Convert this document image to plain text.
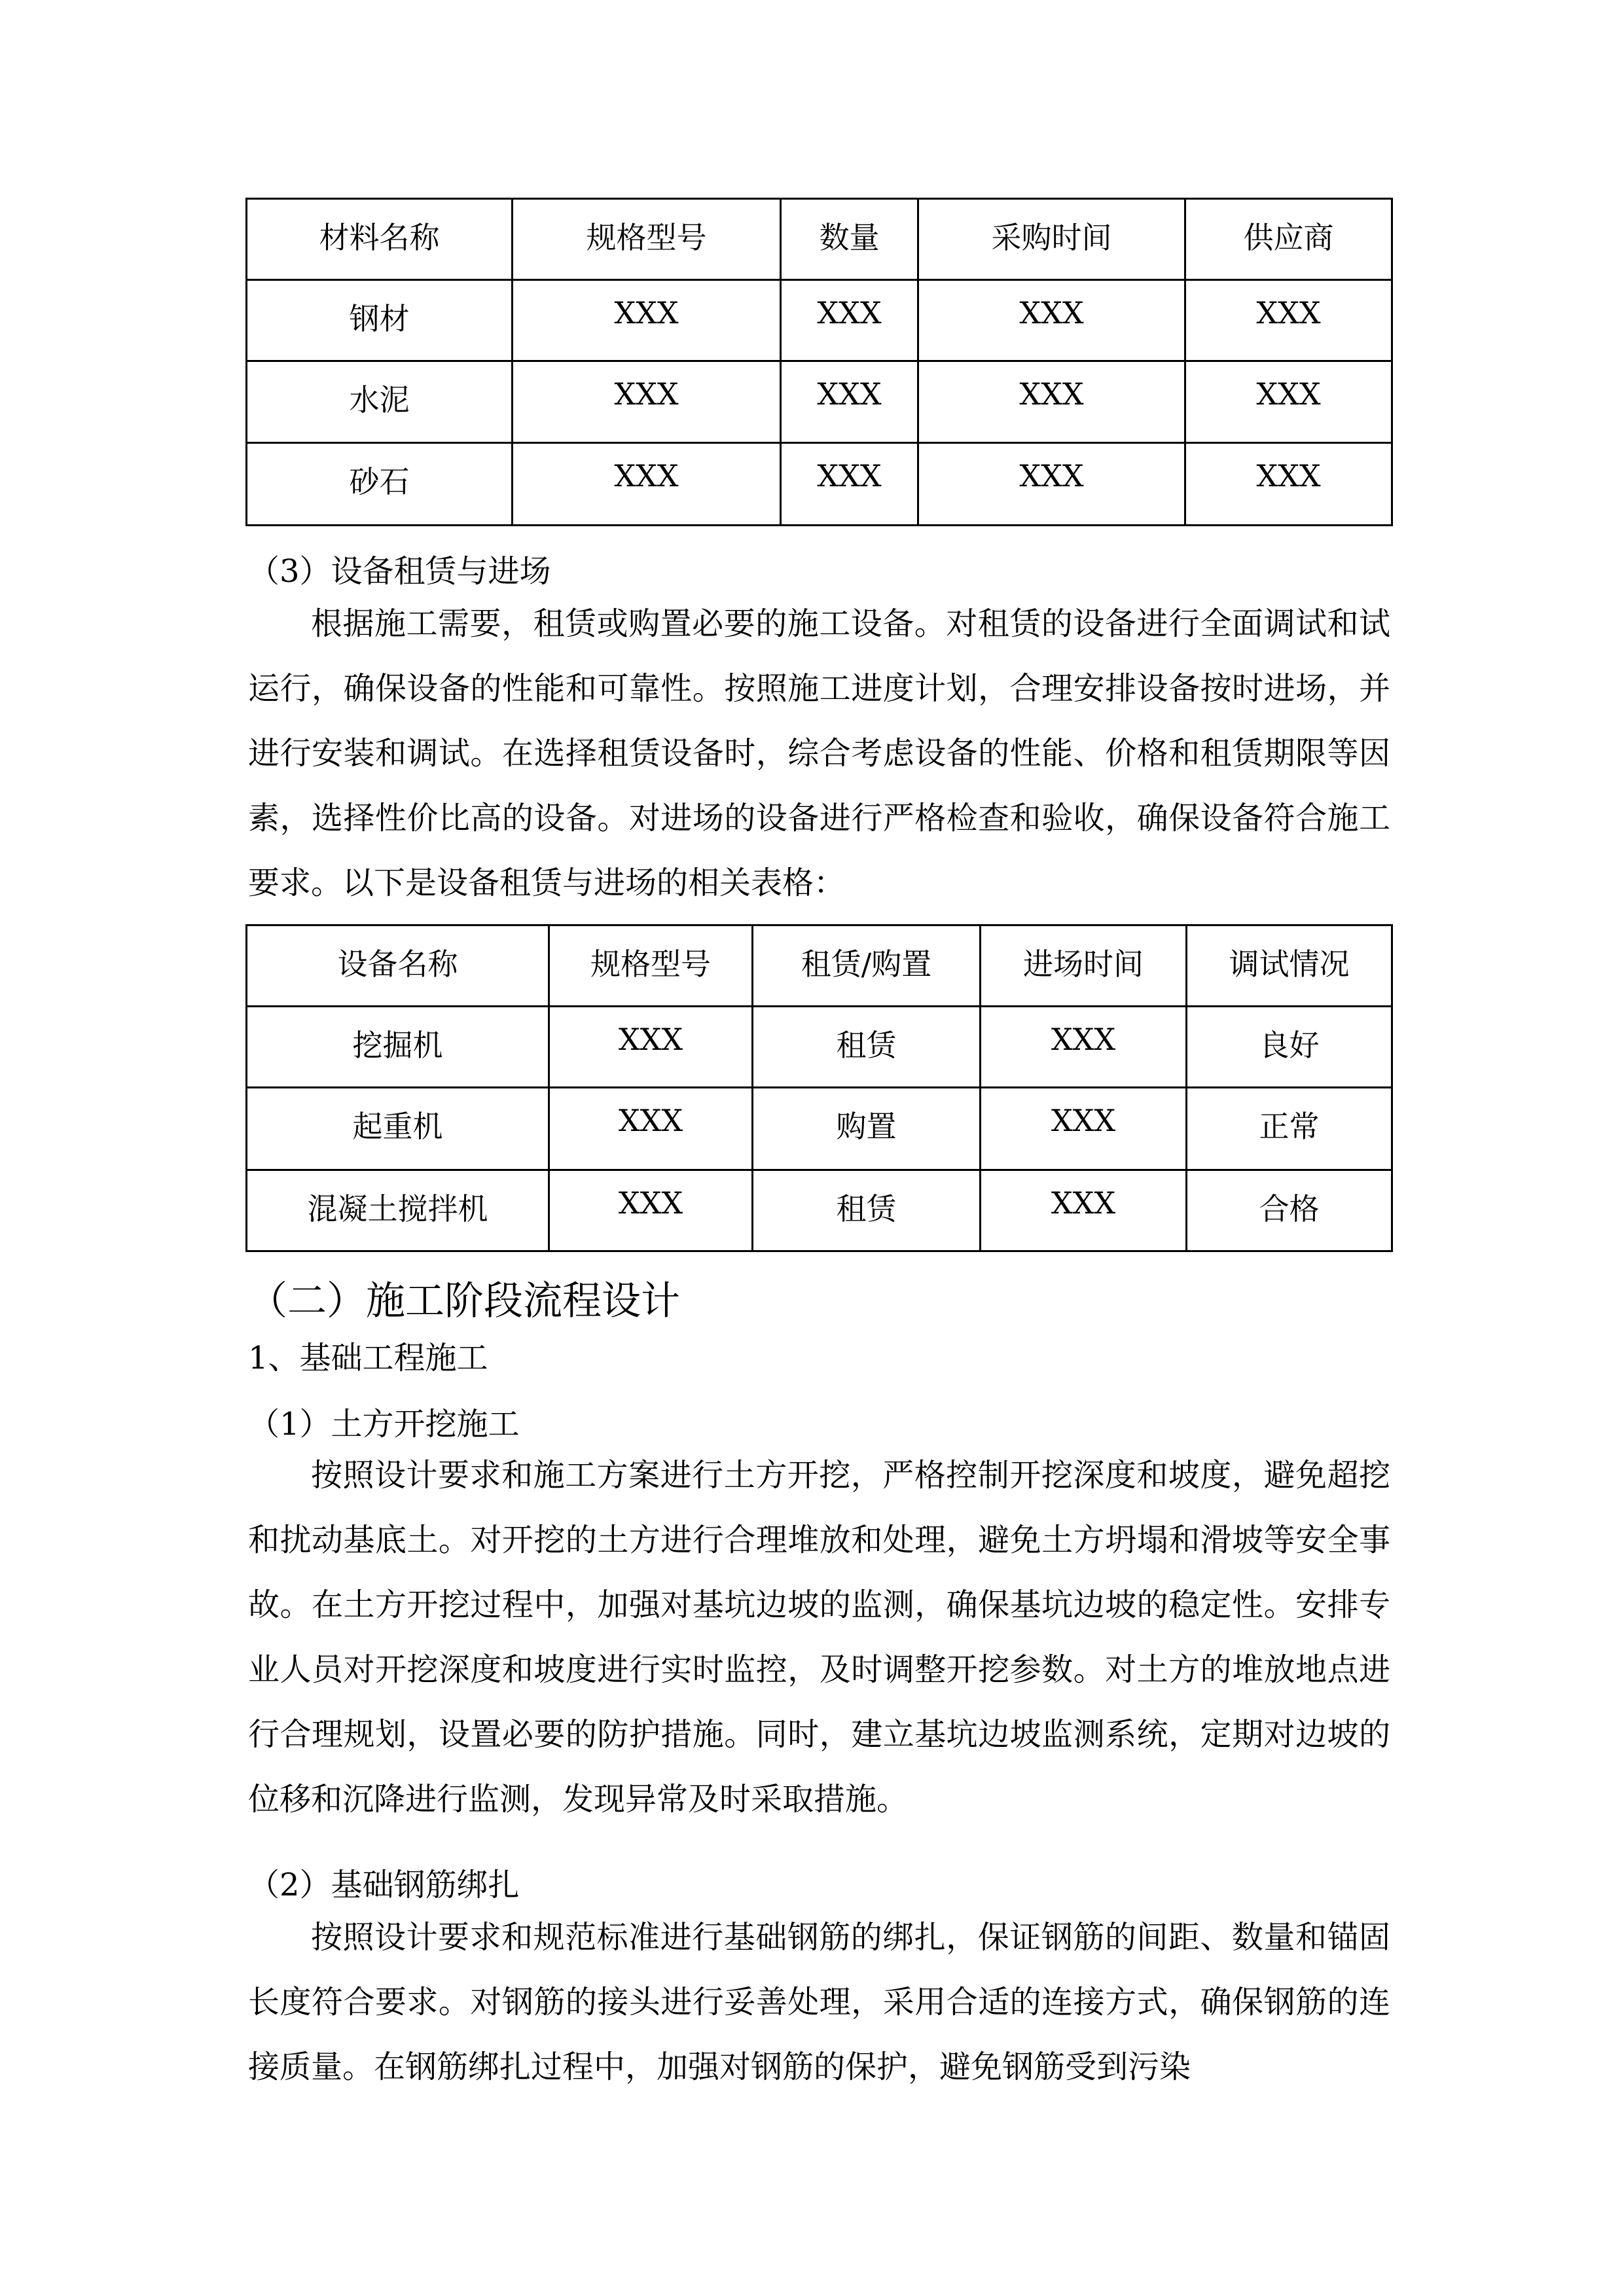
材料名称	规格型号	数量	采购时间	供应商
钢材	XXX	XXX	XXX	XXX
水泥	XXX	XXX	XXX	XXX
砂石	XXX	XXX	XXX	XXX
（3）设备租赁与进场
根据施工需要，租赁或购置必要的施工设备。对租赁的设备进行全面调试和试运行，确保设备的性能和可靠性。按照施工进度计划，合理安排设备按时进场，并进行安装和调试。在选择租赁设备时，综合考虑设备的性能、价格和租赁期限等因素，选择性价比高的设备。对进场的设备进行严格检查和验收，确保设备符合施工要求。以下是设备租赁与进场的相关表格：
设备名称	规格型号	租赁/购置	进场时间	调试情况
挖掘机	XXX	租赁	XXX	良好
起重机	XXX	购置	XXX	正常
混凝土搅拌机	XXX	租赁	XXX	合格
（二）施工阶段流程设计
1、基础工程施工
（1）土方开挖施工
按照设计要求和施工方案进行土方开挖，严格控制开挖深度和坡度，避免超挖和扰动基底土。对开挖的土方进行合理堆放和处理，避免土方坍塌和滑坡等安全事故。在土方开挖过程中，加强对基坑边坡的监测，确保基坑边坡的稳定性。安排专业人员对开挖深度和坡度进行实时监控，及时调整开挖参数。对土方的堆放地点进行合理规划，设置必要的防护措施。同时，建立基坑边坡监测系统，定期对边坡的位移和沉降进行监测，发现异常及时采取措施。
（2）基础钢筋绑扎
按照设计要求和规范标准进行基础钢筋的绑扎，保证钢筋的间距、数量和锚固长度符合要求。对钢筋的接头进行妥善处理，采用合适的连接方式，确保钢筋的连接质量。在钢筋绑扎过程中，加强对钢筋的保护，避免钢筋受到污染
